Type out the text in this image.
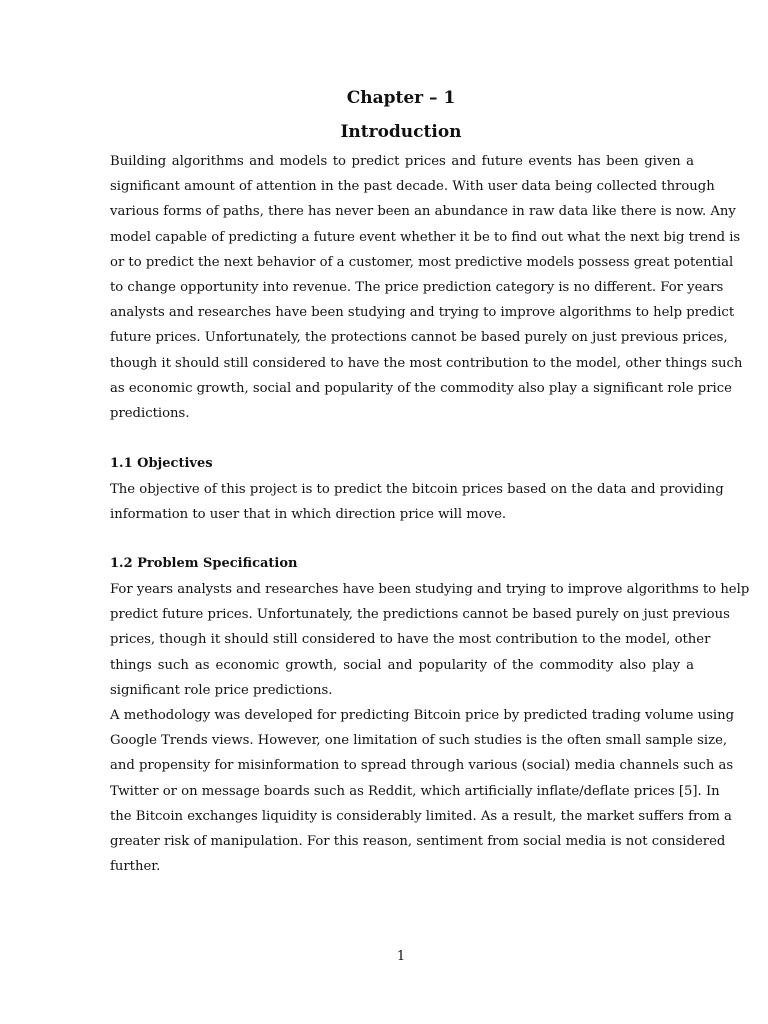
Chapter – 1
Introduction
Building algorithms and models to predict prices and future events has been given a
significant amount of attention in the past decade. With user data being collected through
various forms of paths, there has never been an abundance in raw data like there is now. Any
model capable of predicting a future event whether it be to find out what the next big trend is
or to predict the next behavior of a customer, most predictive models possess great potential
to change opportunity into revenue. The price prediction category is no different. For years
analysts and researches have been studying and trying to improve algorithms to help predict
future prices. Unfortunately, the protections cannot be based purely on just previous prices,
though it should still considered to have the most contribution to the model, other things such
as economic growth, social and popularity of the commodity also play a significant role price
predictions.
1.1 Objectives
The objective of this project is to predict the bitcoin prices based on the data and providing
information to user that in which direction price will move.
1.2 Problem Specification
For years analysts and researches have been studying and trying to improve algorithms to help
predict future prices. Unfortunately, the predictions cannot be based purely on just previous
prices, though it should still considered to have the most contribution to the model, other
things such as economic growth, social and popularity of the commodity also play a
significant role price predictions.
A methodology was developed for predicting Bitcoin price by predicted trading volume using
Google Trends views. However, one limitation of such studies is the often small sample size,
and propensity for misinformation to spread through various (social) media channels such as
Twitter or on message boards such as Reddit, which artificially inflate/deflate prices [5]. In
the Bitcoin exchanges liquidity is considerably limited. As a result, the market suffers from a
greater risk of manipulation. For this reason, sentiment from social media is not considered
further.
1
